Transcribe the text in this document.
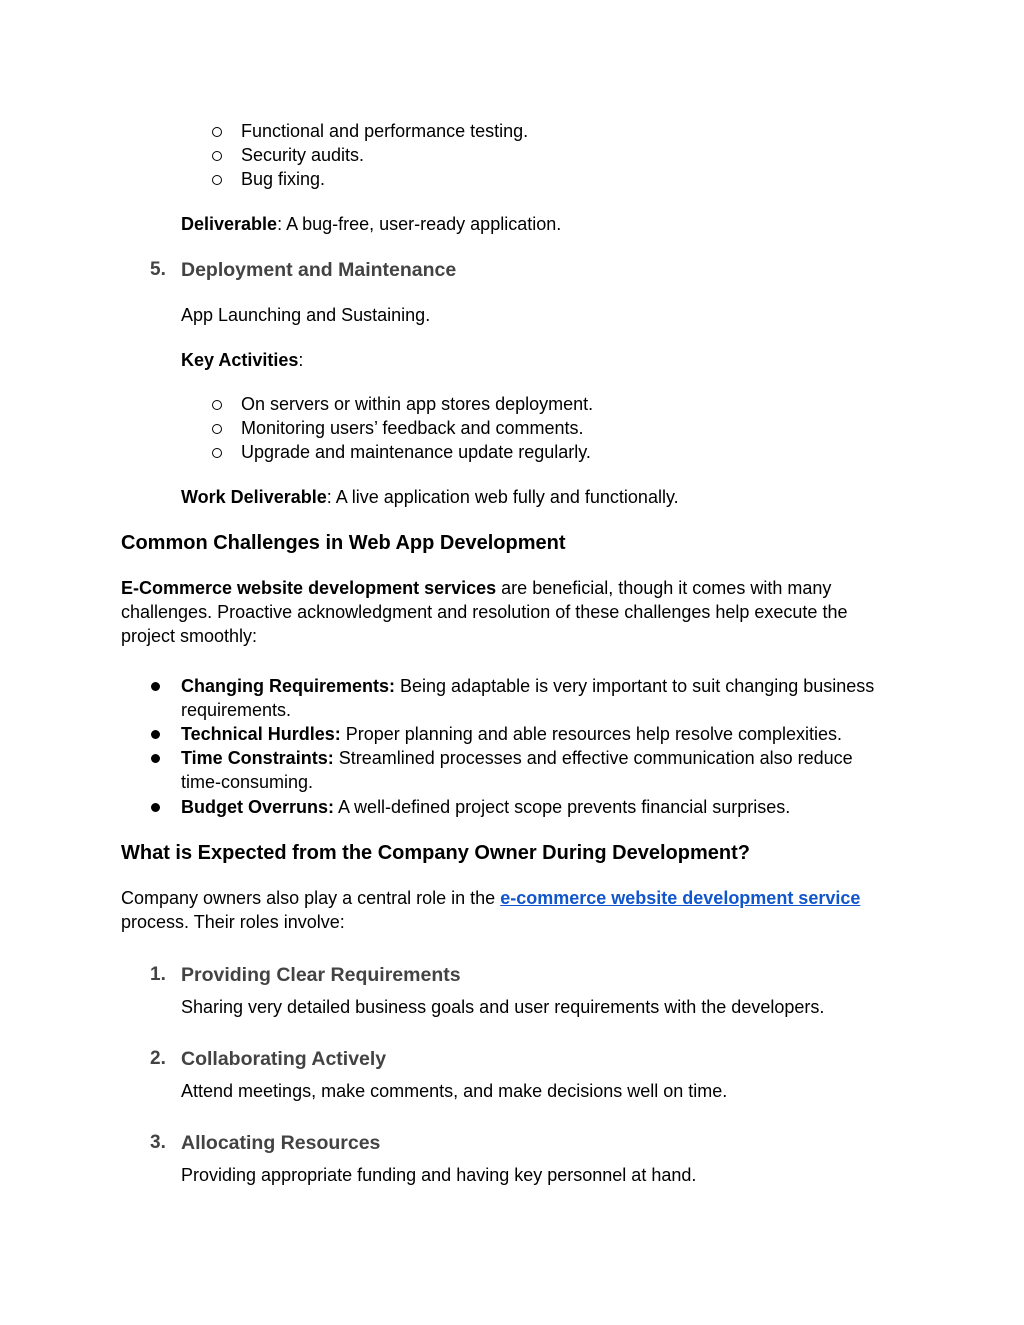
Functional and performance testing.
Security audits.
Bug fixing.
Deliverable: A bug-free, user-ready application.
5. Deployment and Maintenance
App Launching and Sustaining.
Key Activities:
On servers or within app stores deployment.
Monitoring users’ feedback and comments.
Upgrade and maintenance update regularly.
Work Deliverable: A live application web fully and functionally.
Common Challenges in Web App Development
E-Commerce website development services are beneficial, though it comes with many
challenges. Proactive acknowledgment and resolution of these challenges help execute the
project smoothly:
Changing Requirements: Being adaptable is very important to suit changing business
requirements.
Technical Hurdles: Proper planning and able resources help resolve complexities.
Time Constraints: Streamlined processes and effective communication also reduce
time-consuming.
Budget Overruns: A well-defined project scope prevents financial surprises.
What is Expected from the Company Owner During Development?
Company owners also play a central role in the e-commerce website development service
process. Their roles involve:
1. Providing Clear Requirements
Sharing very detailed business goals and user requirements with the developers.
2. Collaborating Actively
Attend meetings, make comments, and make decisions well on time.
3. Allocating Resources
Providing appropriate funding and having key personnel at hand.
